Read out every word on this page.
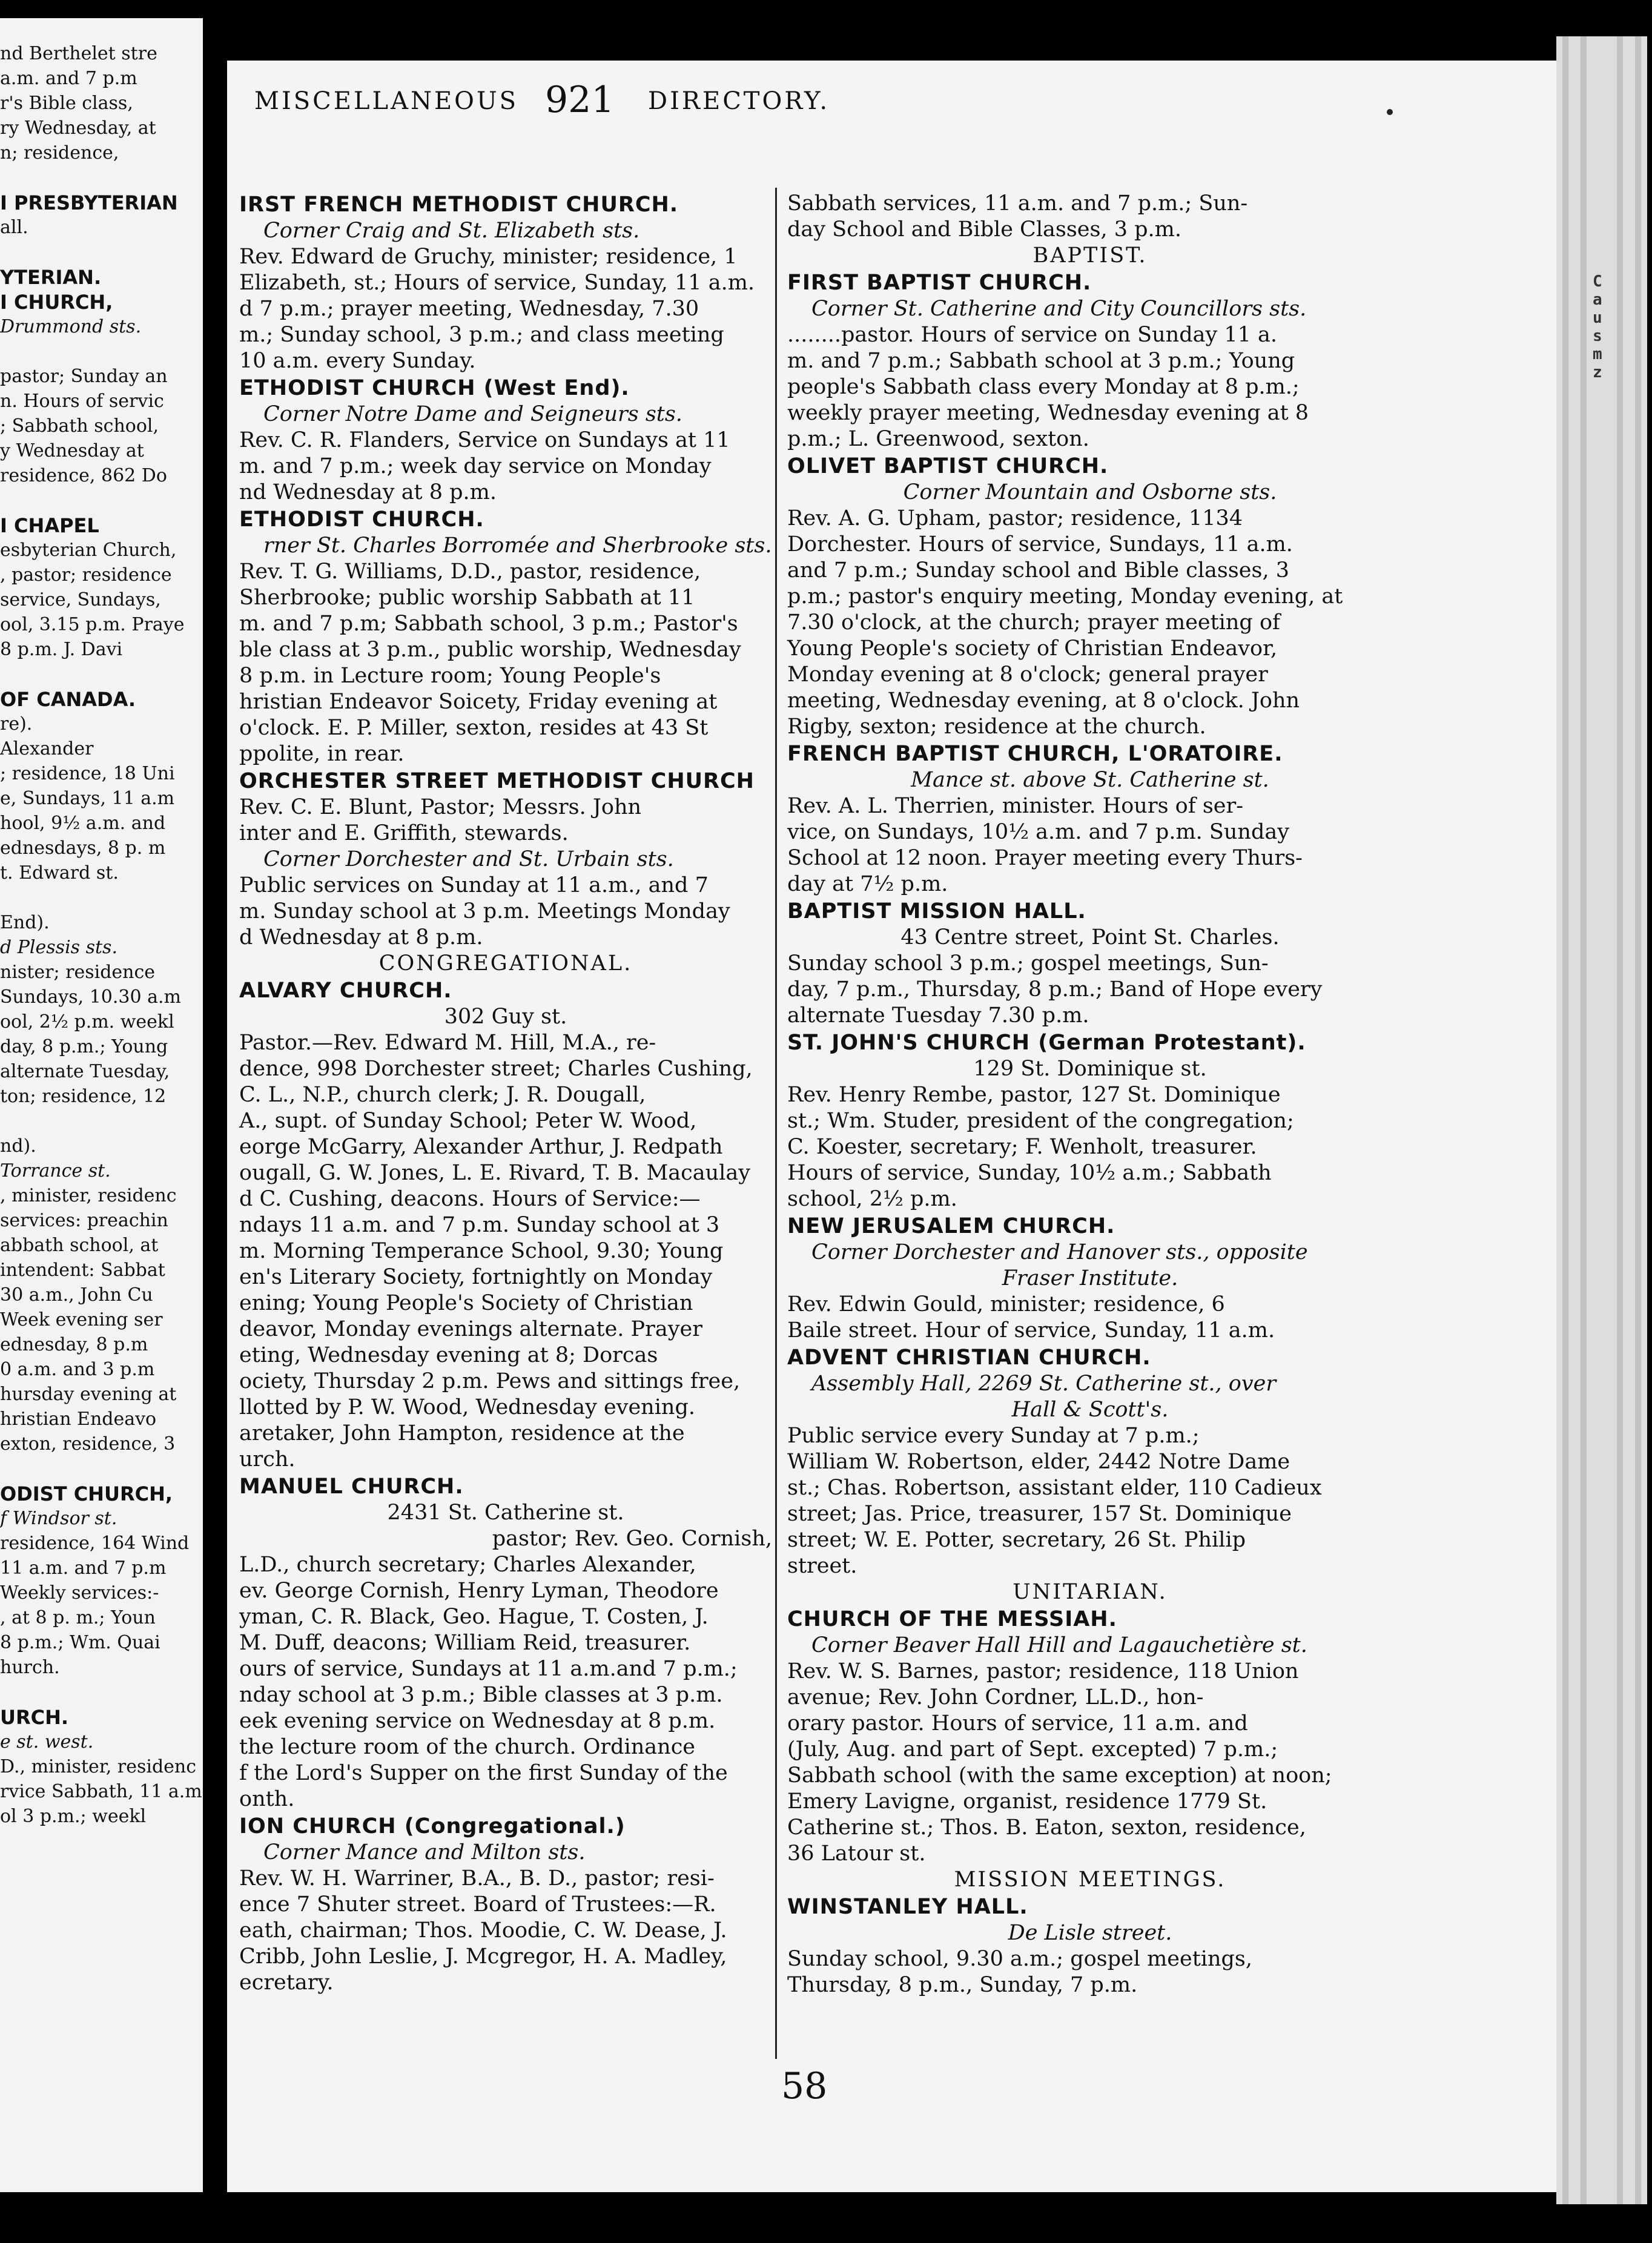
nd Berthelet stre
a.m. and 7 p.m
r's Bible class,
ry Wednesday, at
n; residence,
I PRESBYTERIAN
all.
YTERIAN.
I CHURCH,
Drummond sts.
pastor; Sunday an
n. Hours of servic
; Sabbath school,
y Wednesday at
residence, 862 Do
I CHAPEL
esbyterian Church,
, pastor; residence
service, Sundays,
ool, 3.15 p.m. Praye
8 p.m. J. Davi
OF CANADA.
re).
Alexander
; residence, 18 Uni
e, Sundays, 11 a.m
hool, 9½ a.m. and
ednesdays, 8 p. m
t. Edward st.
End).
d Plessis sts.
nister; residence
Sundays, 10.30 a.m
ool, 2½ p.m. weekl
day, 8 p.m.; Young
alternate Tuesday,
ton; residence, 12
nd).
Torrance st.
, minister, residenc
services: preachin
abbath school, at
intendent: Sabbat
30 a.m., John Cu
Week evening ser
ednesday, 8 p.m
0 a.m. and 3 p.m
hursday evening at
hristian Endeavo
exton, residence, 3
ODIST CHURCH,
f Windsor st.
residence, 164 Wind
11 a.m. and 7 p.m
Weekly services:-
, at 8 p. m.; Youn
8 p.m.; Wm. Quai
hurch.
URCH.
e st. west.
D., minister, residenc
rvice Sabbath, 11 a.m
ol 3 p.m.; weekl
C
a
u
s
m
z
MISCELLANEOUS 921 DIRECTORY.
IRST FRENCH METHODIST CHURCH.
Corner Craig and St. Elizabeth sts.
Rev. Edward de Gruchy, minister; residence, 1
Elizabeth, st.; Hours of service, Sunday, 11 a.m.
d 7 p.m.; prayer meeting, Wednesday, 7.30
m.; Sunday school, 3 p.m.; and class meeting
10 a.m. every Sunday.
ETHODIST CHURCH (West End).
Corner Notre Dame and Seigneurs sts.
Rev. C. R. Flanders, Service on Sundays at 11
m. and 7 p.m.; week day service on Monday
nd Wednesday at 8 p.m.
ETHODIST CHURCH.
rner St. Charles Borromée and Sherbrooke sts.
Rev. T. G. Williams, D.D., pastor, residence,
Sherbrooke; public worship Sabbath at 11
m. and 7 p.m; Sabbath school, 3 p.m.; Pastor's
ble class at 3 p.m., public worship, Wednesday
8 p.m. in Lecture room; Young People's
hristian Endeavor Soicety, Friday evening at
o'clock. E. P. Miller, sexton, resides at 43 St
ppolite, in rear.
ORCHESTER STREET METHODIST CHURCH
Rev. C. E. Blunt, Pastor; Messrs. John
inter and E. Griffith, stewards.
Corner Dorchester and St. Urbain sts.
Public services on Sunday at 11 a.m., and 7
m. Sunday school at 3 p.m. Meetings Monday
d Wednesday at 8 p.m.
CONGREGATIONAL.
ALVARY CHURCH.
302 Guy st.
Pastor.—Rev. Edward M. Hill, M.A., re-
dence, 998 Dorchester street; Charles Cushing,
C. L., N.P., church clerk; J. R. Dougall,
A., supt. of Sunday School; Peter W. Wood,
eorge McGarry, Alexander Arthur, J. Redpath
ougall, G. W. Jones, L. E. Rivard, T. B. Macaulay
d C. Cushing, deacons. Hours of Service:—
ndays 11 a.m. and 7 p.m. Sunday school at 3
m. Morning Temperance School, 9.30; Young
en's Literary Society, fortnightly on Monday
ening; Young People's Society of Christian
deavor, Monday evenings alternate. Prayer
eting, Wednesday evening at 8; Dorcas
ociety, Thursday 2 p.m. Pews and sittings free,
llotted by P. W. Wood, Wednesday evening.
aretaker, John Hampton, residence at the
urch.
MANUEL CHURCH.
2431 St. Catherine st.
pastor; Rev. Geo. Cornish,
L.D., church secretary; Charles Alexander,
ev. George Cornish, Henry Lyman, Theodore
yman, C. R. Black, Geo. Hague, T. Costen, J.
M. Duff, deacons; William Reid, treasurer.
ours of service, Sundays at 11 a.m.and 7 p.m.;
nday school at 3 p.m.; Bible classes at 3 p.m.
eek evening service on Wednesday at 8 p.m.
the lecture room of the church. Ordinance
f the Lord's Supper on the first Sunday of the
onth.
ION CHURCH (Congregational.)
Corner Mance and Milton sts.
Rev. W. H. Warriner, B.A., B. D., pastor; resi-
ence 7 Shuter street. Board of Trustees:—R.
eath, chairman; Thos. Moodie, C. W. Dease, J.
Cribb, John Leslie, J. Mcgregor, H. A. Madley,
ecretary.
Sabbath services, 11 a.m. and 7 p.m.; Sun-
day School and Bible Classes, 3 p.m.
BAPTIST.
FIRST BAPTIST CHURCH.
Corner St. Catherine and City Councillors sts.
........pastor. Hours of service on Sunday 11 a.
m. and 7 p.m.; Sabbath school at 3 p.m.; Young
people's Sabbath class every Monday at 8 p.m.;
weekly prayer meeting, Wednesday evening at 8
p.m.; L. Greenwood, sexton.
OLIVET BAPTIST CHURCH.
Corner Mountain and Osborne sts.
Rev. A. G. Upham, pastor; residence, 1134
Dorchester. Hours of service, Sundays, 11 a.m.
and 7 p.m.; Sunday school and Bible classes, 3
p.m.; pastor's enquiry meeting, Monday evening, at
7.30 o'clock, at the church; prayer meeting of
Young People's society of Christian Endeavor,
Monday evening at 8 o'clock; general prayer
meeting, Wednesday evening, at 8 o'clock. John
Rigby, sexton; residence at the church.
FRENCH BAPTIST CHURCH, L'ORATOIRE.
Mance st. above St. Catherine st.
Rev. A. L. Therrien, minister. Hours of ser-
vice, on Sundays, 10½ a.m. and 7 p.m. Sunday
School at 12 noon. Prayer meeting every Thurs-
day at 7½ p.m.
BAPTIST MISSION HALL.
43 Centre street, Point St. Charles.
Sunday school 3 p.m.; gospel meetings, Sun-
day, 7 p.m., Thursday, 8 p.m.; Band of Hope every
alternate Tuesday 7.30 p.m.
ST. JOHN'S CHURCH (German Protestant).
129 St. Dominique st.
Rev. Henry Rembe, pastor, 127 St. Dominique
st.; Wm. Studer, president of the congregation;
C. Koester, secretary; F. Wenholt, treasurer.
Hours of service, Sunday, 10½ a.m.; Sabbath
school, 2½ p.m.
NEW JERUSALEM CHURCH.
Corner Dorchester and Hanover sts., opposite
Fraser Institute.
Rev. Edwin Gould, minister; residence, 6
Baile street. Hour of service, Sunday, 11 a.m.
ADVENT CHRISTIAN CHURCH.
Assembly Hall, 2269 St. Catherine st., over
Hall & Scott's.
Public service every Sunday at 7 p.m.;
William W. Robertson, elder, 2442 Notre Dame
st.; Chas. Robertson, assistant elder, 110 Cadieux
street; Jas. Price, treasurer, 157 St. Dominique
street; W. E. Potter, secretary, 26 St. Philip
street.
UNITARIAN.
CHURCH OF THE MESSIAH.
Corner Beaver Hall Hill and Lagauchetière st.
Rev. W. S. Barnes, pastor; residence, 118 Union
avenue; Rev. John Cordner, LL.D., hon-
orary pastor. Hours of service, 11 a.m. and
(July, Aug. and part of Sept. excepted) 7 p.m.;
Sabbath school (with the same exception) at noon;
Emery Lavigne, organist, residence 1779 St.
Catherine st.; Thos. B. Eaton, sexton, residence,
36 Latour st.
MISSION MEETINGS.
WINSTANLEY HALL.
De Lisle street.
Sunday school, 9.30 a.m.; gospel meetings,
Thursday, 8 p.m., Sunday, 7 p.m.
58
